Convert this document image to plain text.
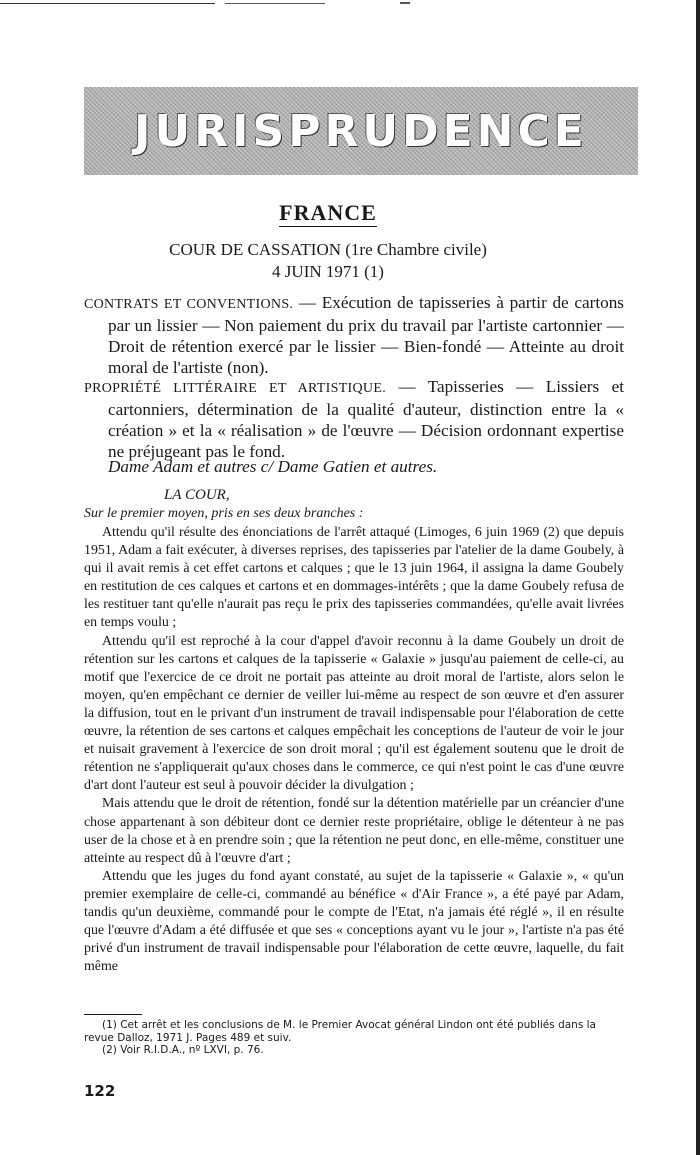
JURISPRUDENCE
FRANCE
COUR DE CASSATION (1re Chambre civile)
4 JUIN 1971 (1)

CONTRATS ET CONVENTIONS. — Exécution de tapisseries à partir de cartons par un lissier — Non paiement du prix du travail par l'artiste cartonnier — Droit de rétention exercé par le lissier — Bien-fondé — Atteinte au droit moral de l'artiste (non).

PROPRIÉTÉ LITTÉRAIRE ET ARTISTIQUE. — Tapisseries — Lissiers et cartonniers, détermination de la qualité d'auteur, distinction entre la « création » et la « réalisation » de l'œuvre — Décision ordonnant expertise ne préjugeant pas le fond.

Dame Adam et autres c/ Dame Gatien et autres.
LA COUR,
Sur le premier moyen, pris en ses deux branches :

Attendu qu'il résulte des énonciations de l'arrêt attaqué (Limoges, 6 juin 1969 (2) que depuis 1951, Adam a fait exécuter, à diverses reprises, des tapisseries par l'atelier de la dame Goubely, à qui il avait remis à cet effet cartons et calques ; que le 13 juin 1964, il assigna la dame Goubely en restitution de ces calques et cartons et en dommages-intérêts ; que la dame Goubely refusa de les restituer tant qu'elle n'aurait pas reçu le prix des tapisseries commandées, qu'elle avait livrées en temps voulu ;

Attendu qu'il est reproché à la cour d'appel d'avoir reconnu à la dame Goubely un droit de rétention sur les cartons et calques de la tapisserie « Galaxie » jusqu'au paiement de celle-ci, au motif que l'exercice de ce droit ne portait pas atteinte au droit moral de l'artiste, alors selon le moyen, qu'en empêchant ce dernier de veiller lui-même au respect de son œuvre et d'en assurer la diffusion, tout en le privant d'un instrument de travail indispensable pour l'élaboration de cette œuvre, la rétention de ses cartons et calques empêchait les conceptions de l'auteur de voir le jour et nuisait gravement à l'exercice de son droit moral ; qu'il est également soutenu que le droit de rétention ne s'appliquerait qu'aux choses dans le commerce, ce qui n'est point le cas d'une œuvre d'art dont l'auteur est seul à pouvoir décider la divulgation ;

Mais attendu que le droit de rétention, fondé sur la détention matérielle par un créancier d'une chose appartenant à son débiteur dont ce dernier reste propriétaire, oblige le détenteur à ne pas user de la chose et à en prendre soin ; que la rétention ne peut donc, en elle-même, constituer une atteinte au respect dû à l'œuvre d'art ;

Attendu que les juges du fond ayant constaté, au sujet de la tapisserie « Galaxie », « qu'un premier exemplaire de celle-ci, commandé au bénéfice « d'Air France », a été payé par Adam, tandis qu'un deuxième, commandé pour le compte de l'Etat, n'a jamais été réglé », il en résulte que l'œuvre d'Adam a été diffusée et que ses « conceptions ayant vu le jour », l'artiste n'a pas été privé d'un instrument de travail indispensable pour l'élaboration de cette œuvre, laquelle, du fait même

(1) Cet arrêt et les conclusions de M. le Premier Avocat général Lindon ont été publiés dans la revue Dalloz, 1971 J. Pages 489 et suiv.

(2) Voir R.I.D.A., nº LXVI, p. 76.

122
